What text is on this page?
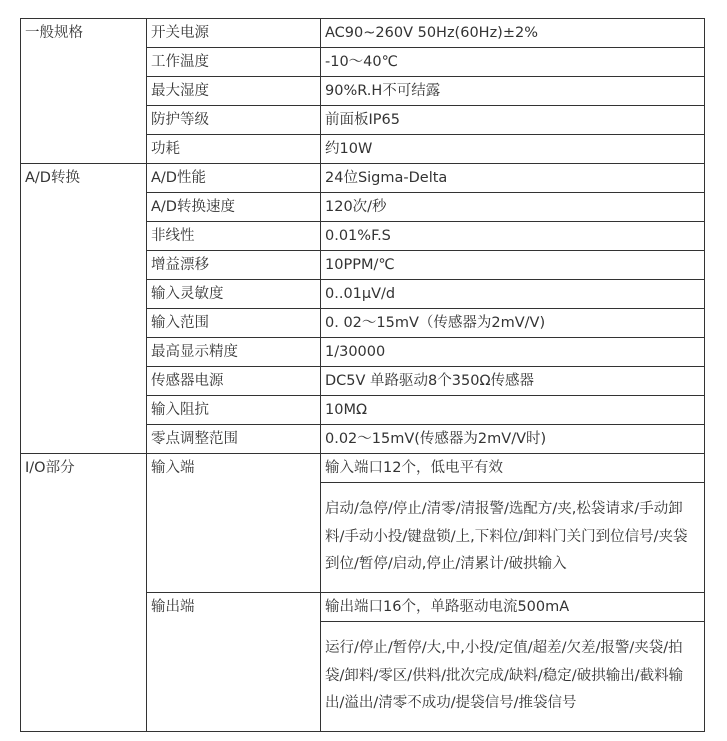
一般规格	开关电源	AC90~260V 50Hz(60Hz)±2%
	工作温度	-10～40℃
	最大湿度	90%R.H不可结露
	防护等级	前面板IP65
	功耗	约10W
A/D转换	A/D性能	24位Sigma-Delta
	A/D转换速度	120次/秒
	非线性	0.01%F.S
	增益漂移	10PPM/℃
	输入灵敏度	0..01μV/d
	输入范围	0. 02～15mV（传感器为2mV/V)
	最高显示精度	1/30000
	传感器电源	DC5V 单路驱动8个350Ω传感器
	输入阻抗	10MΩ
	零点调整范围	0.02～15mV(传感器为2mV/V时)
I/O部分	输入端	输入端口12个，低电平有效
		启动/急停/停止/清零/清报警/选配方/夹,松袋请求/手动卸料/手动小投/键盘锁/上,下料位/卸料门关门到位信号/夹袋到位/暂停/启动,停止/清累计/破拱输入
	输出端	输出端口16个，单路驱动电流500mA
		运行/停止/暂停/大,中,小投/定值/超差/欠差/报警/夹袋/拍袋/卸料/零区/供料/批次完成/缺料/稳定/破拱输出/截料输出/溢出/清零不成功/提袋信号/推袋信号
